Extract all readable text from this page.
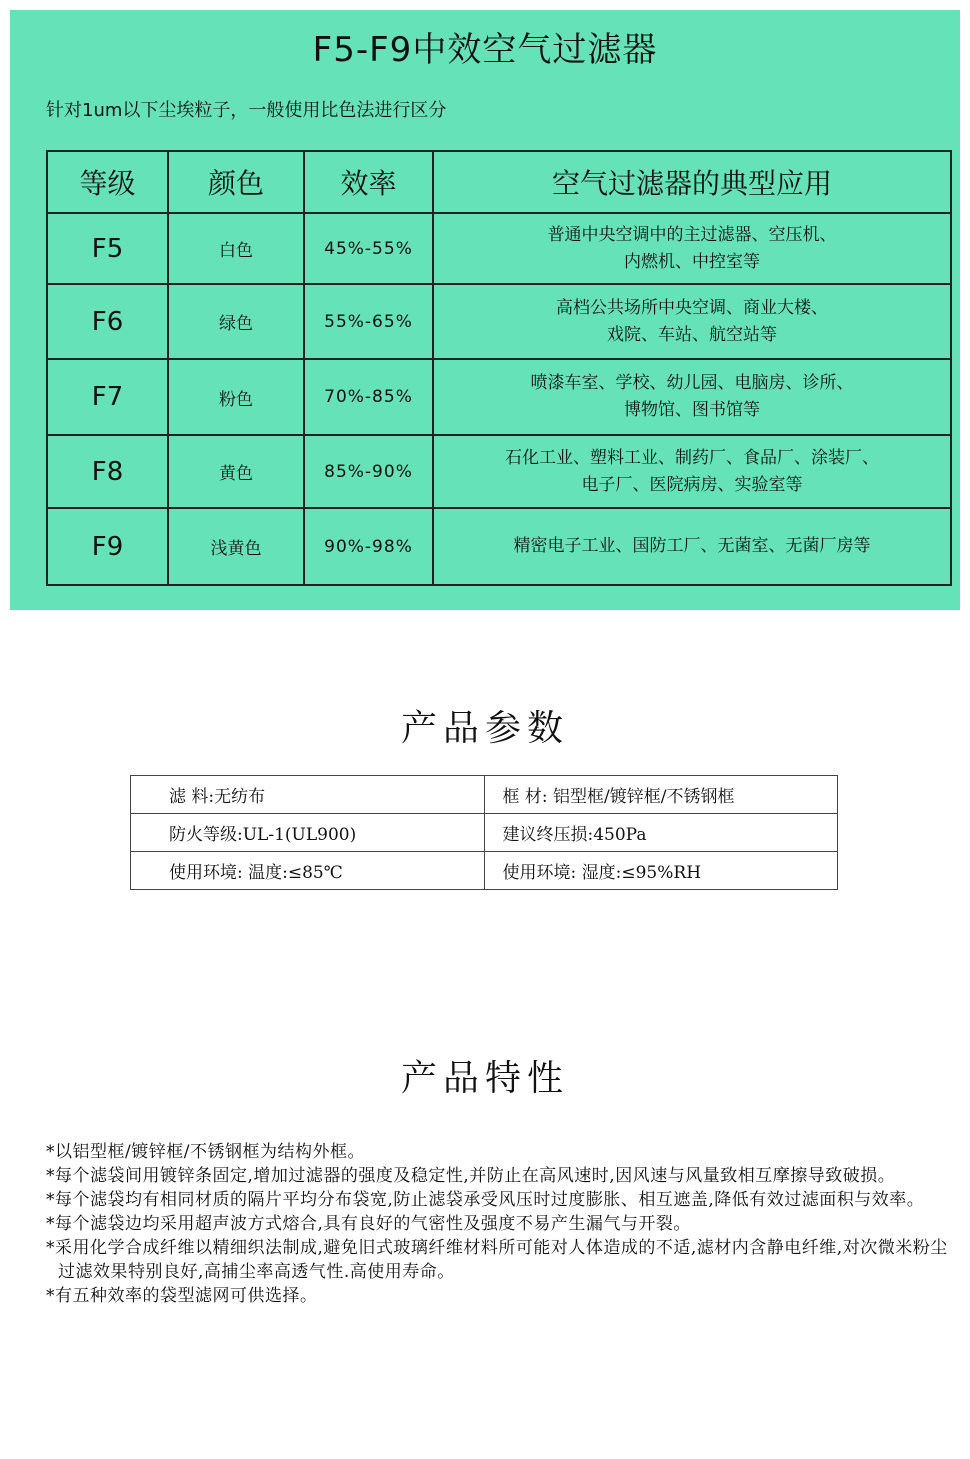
F5-F9中效空气过滤器
针对1um以下尘埃粒子，一般使用比色法进行区分
等级	颜色	效率	空气过滤器的典型应用
F5	白色	45%-55%	普通中央空调中的主过滤器、空压机、
内燃机、中控室等

F6	绿色	55%-65%	高档公共场所中央空调、商业大楼、
戏院、车站、航空站等

F7	粉色	70%-85%	喷漆车室、学校、幼儿园、电脑房、诊所、
博物馆、图书馆等

F8	黄色	85%-90%	石化工业、塑料工业、制药厂、食品厂、涂装厂、
电子厂、医院病房、实验室等

F9	浅黄色	90%-98%	精密电子工业、国防工厂、无菌室、无菌厂房等
产品参数
滤 料:无纺布	框 材: 铝型框/镀锌框/不锈钢框
防火等级:UL-1(UL900)	建议终压损:450Pa
使用环境: 温度:≤85℃	使用环境: 湿度:≤95%RH
产品特性
*以铝型框/镀锌框/不锈钢框为结构外框。
*每个滤袋间用镀锌条固定,增加过滤器的强度及稳定性,并防止在高风速时,因风速与风量致相互摩擦导致破损。
*每个滤袋均有相同材质的隔片平均分布袋宽,防止滤袋承受风压时过度膨胀、相互遮盖,降低有效过滤面积与效率。
*每个滤袋边均采用超声波方式熔合,具有良好的气密性及强度不易产生漏气与开裂。
*采用化学合成纤维以精细织法制成,避免旧式玻璃纤维材料所可能对人体造成的不适,滤材内含静电纤维,对次微米粉尘过滤效果特别良好,高捕尘率高透气性.高使用寿命。
*有五种效率的袋型滤网可供选择。
